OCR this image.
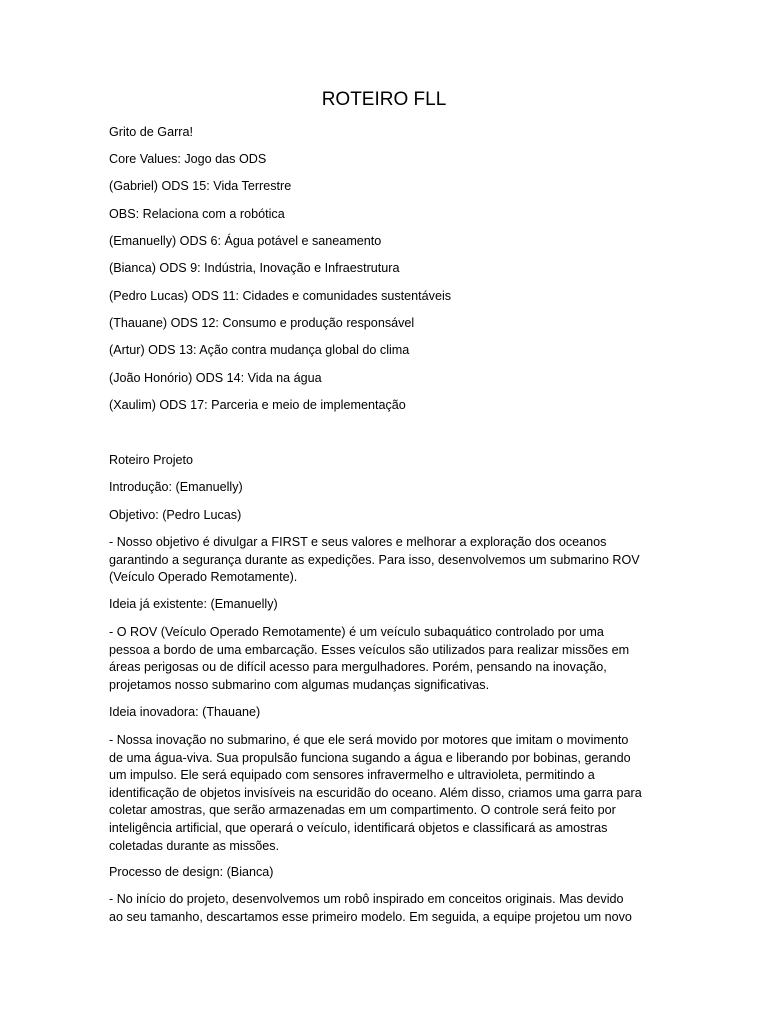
ROTEIRO FLL

Grito de Garra!

Core Values: Jogo das ODS

(Gabriel) ODS 15: Vida Terrestre

OBS: Relaciona com a robótica

(Emanuelly) ODS 6: Água potável e saneamento

(Bianca) ODS 9: Indústria, Inovação e Infraestrutura

(Pedro Lucas) ODS 11: Cidades e comunidades sustentáveis

(Thauane) ODS 12: Consumo e produção responsável

(Artur) ODS 13: Ação contra mudança global do clima

(João Honório) ODS 14: Vida na água

(Xaulim) ODS 17: Parceria e meio de implementação

Roteiro Projeto

Introdução: (Emanuelly)

Objetivo: (Pedro Lucas)

- Nosso objetivo é divulgar a FIRST e seus valores e melhorar a exploração dos oceanos
garantindo a segurança durante as expedições. Para isso, desenvolvemos um submarino ROV
(Veículo Operado Remotamente).

Ideia já existente: (Emanuelly)

- O ROV (Veículo Operado Remotamente) é um veículo subaquático controlado por uma
pessoa a bordo de uma embarcação. Esses veículos são utilizados para realizar missões em
áreas perigosas ou de difícil acesso para mergulhadores. Porém, pensando na inovação,
projetamos nosso submarino com algumas mudanças significativas.

Ideia inovadora: (Thauane)

- Nossa inovação no submarino, é que ele será movido por motores que imitam o movimento
de uma água-viva. Sua propulsão funciona sugando a água e liberando por bobinas, gerando
um impulso. Ele será equipado com sensores infravermelho e ultravioleta, permitindo a
identificação de objetos invisíveis na escuridão do oceano. Além disso, criamos uma garra para
coletar amostras, que serão armazenadas em um compartimento. O controle será feito por
inteligência artificial, que operará o veículo, identificará objetos e classificará as amostras
coletadas durante as missões.

Processo de design: (Bianca)

- No início do projeto, desenvolvemos um robô inspirado em conceitos originais. Mas devido
ao seu tamanho, descartamos esse primeiro modelo. Em seguida, a equipe projetou um novo
